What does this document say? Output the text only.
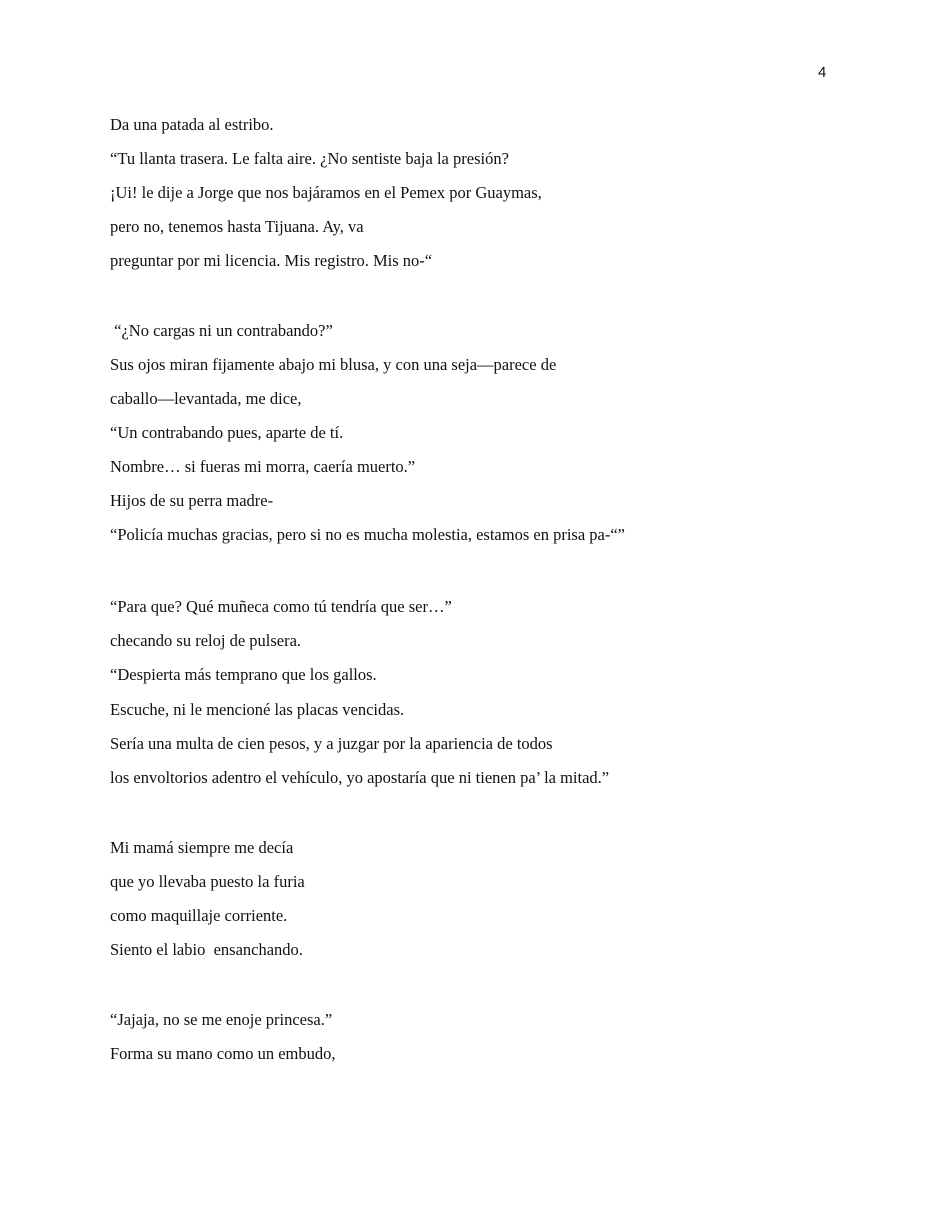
4
Da una patada al estribo.
“Tu llanta trasera. Le falta aire. ¿No sentiste baja la presión?
¡Ui! le dije a Jorge que nos bajáramos en el Pemex por Guaymas,
pero no, tenemos hasta Tijuana. Ay, va
preguntar por mi licencia. Mis registro. Mis no-“
“¿No cargas ni un contrabando?”
Sus ojos miran fijamente abajo mi blusa, y con una seja—parece de
caballo—levantada, me dice,
“Un contrabando pues, aparte de tí.
Nombre… si fueras mi morra, caería muerto.”
Hijos de su perra madre-
“Policía muchas gracias, pero si no es mucha molestia, estamos en prisa pa-“”
“Para que? Qué muñeca como tú tendría que ser…”
checando su reloj de pulsera.
“Despierta más temprano que los gallos.
Escuche, ni le mencioné las placas vencidas.
Sería una multa de cien pesos, y a juzgar por la apariencia de todos
los envoltorios adentro el vehículo, yo apostaría que ni tienen pa’ la mitad.”
Mi mamá siempre me decía
que yo llevaba puesto la furia
como maquillaje corriente.
Siento el labio  ensanchando.
“Jajaja, no se me enoje princesa.”
Forma su mano como un embudo,
